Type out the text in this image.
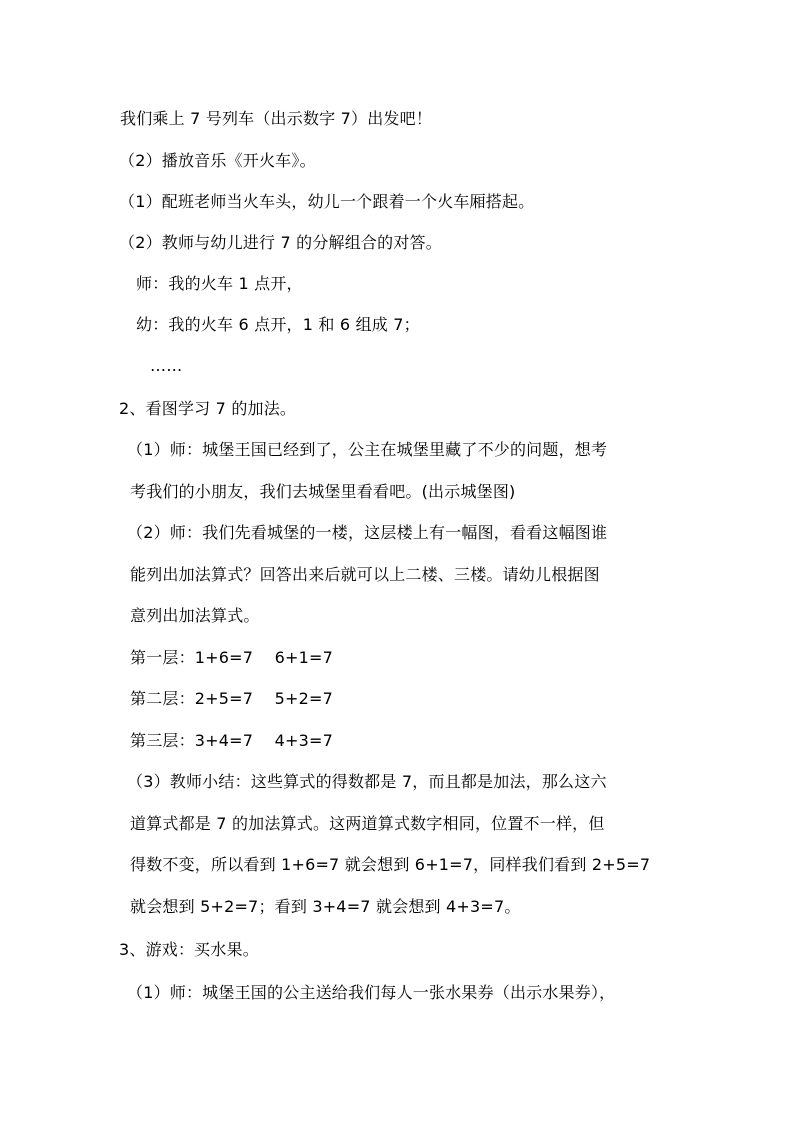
我们乘上 7 号列车（出示数字 7）出发吧！
（2）播放音乐《开火车》。
（1）配班老师当火车头，幼儿一个跟着一个火车厢搭起。
（2）教师与幼儿进行 7 的分解组合的对答。
师：我的火车 1 点开，
幼：我的火车 6 点开，1 和 6 组成 7；
……
2、看图学习 7 的加法。
（1）师：城堡王国已经到了，公主在城堡里藏了不少的问题，想考
考我们的小朋友，我们去城堡里看看吧。(出示城堡图)
（2）师：我们先看城堡的一楼，这层楼上有一幅图，看看这幅图谁
能列出加法算式？回答出来后就可以上二楼、三楼。请幼儿根据图
意列出加法算式。
第一层：1+6=7　 6+1=7
第二层：2+5=7　 5+2=7
第三层：3+4=7　 4+3=7
（3）教师小结：这些算式的得数都是 7，而且都是加法，那么这六
道算式都是 7 的加法算式。这两道算式数字相同，位置不一样，但
得数不变，所以看到 1+6=7 就会想到 6+1=7，同样我们看到 2+5=7
就会想到 5+2=7；看到 3+4=7 就会想到 4+3=7。
3、游戏：买水果。
（1）师：城堡王国的公主送给我们每人一张水果券（出示水果券），
